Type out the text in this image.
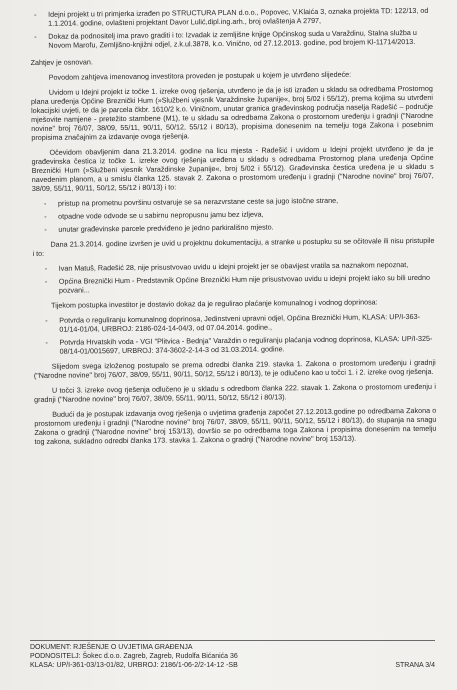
-	Idejni projekt u tri primjerka izrađen po STRUCTURA PLAN d.o.o., Popovec, V.Klaića 3, oznaka projekta TD: 122/13, od 1.1.2014. godine, ovlašteni projektant Davor Lulić,dipl.ing.arh., broj ovlaštenja A 2797,
-	Dokaz da podnositelj ima pravo graditi i to: Izvadak iz zemljišne knjige Općinskog suda u Varaždinu, Stalna služba u Novom Marofu, Zemljišno-knjižni odjel, z.k.ul.3878, k.o. Vinično, od 27.12.2013. godine, pod brojem Kl-11714/2013.

Zahtjev je osnovan.

Povodom zahtjeva imenovanog investitora proveden je postupak u kojem je utvrđeno slijedeće:

Uvidom u Idejni projekt iz točke 1. izreke ovog rješenja, utvrđeno je da je isti izrađen u skladu sa odredbama Prostornog plana uređenja Općine Breznički Hum (»Službeni vjesnik Varaždinske županije«, broj 5/02 i 55/12), prema kojima su utvrđeni lokacijski uvjeti, te da je parcela čkbr. 1610/2 k.o. Viničnom, unutar granica građevinskog područja naselja Radešić – područje mješovite namjene - pretežito stambene (M1), te u skladu sa odredbama Zakona o prostornom uređenju i gradnji ("Narodne novine" broj 76/07, 38/09, 55/11, 90/11, 50/12, 55/12 i 80/13), propisima donesenim na temelju toga Zakona i posebnim propisima značajnim za izdavanje ovoga rješenja.

Očevidom obavljenim dana 21.3.2014. godine na licu mjesta - Radešić i uvidom u Idejni projekt utvrđeno je da je građevinska čestica iz točke 1. izreke ovog rješenja uređena u skladu s odredbama Prostornog plana uređenja Općine Breznički Hum (»Službeni vjesnik Varaždinske županije«, broj 5/02 i 55/12). Građevinska čestica uređena je u skladu s navedenim planom, a u smislu članka 125. stavak 2. Zakona o prostornom uređenju i gradnji ("Narodne novine" broj 76/07, 38/09, 55/11, 90/11, 50/12, 55/12 i 80/13) i to:

-	pristup na prometnu površinu ostvaruje se sa nerazvrstane ceste sa jugo istočne strane,
-	otpadne vode odvode se u sabirnu nepropusnu jamu bez izljeva,
-	unutar građevinske parcele predviđeno je jedno parkirališno mjesto.

Dana 21.3.2014. godine izvršen je uvid u projektnu dokumentaciju, a stranke u postupku su se očitovale ili nisu pristupile i to:

-	Ivan Matuš, Radešić 28, nije prisustvovao uvidu u idejni projekt jer se obavijest vratila sa naznakom nepoznat,
-	Općina Breznički Hum - Predstavnik Općine Breznički Hum nije prisustvovao uvidu u idejni projekt iako su bili uredno pozvani...

Tijekom postupka investitor je dostavio dokaz da je regulirao plaćanje komunalnog i vodnog doprinosa:

-	Potvrda o reguliranju komunalnog doprinosa, Jedinstveni upravni odjel, Općina Breznički Hum, KLASA: UP/I-363-01/14-01/04, URBROJ: 2186-024-14-04/3, od 07.04.2014. godine.,
-	Potvrda Hrvatskih voda - VGI "Plitvica - Bednja" Varaždin o reguliranju plaćanja vodnog doprinosa, KLASA: UP/I-325-08/14-01/0015697, URBROJ: 374-3602-2-14-3 od 31.03.2014. godine.

Slijedom svega izloženog postupalo se prema odredbi članka 219. stavka 1. Zakona o prostornom uređenju i gradnji ("Narodne novine" broj 76/07, 38/09, 55/11, 90/11, 50/12, 55/12 i 80/13), te je odlučeno kao u točci 1. i 2. izreke ovog rješenja.

U točci 3. izreke ovog rješenja odlučeno je u skladu s odredbom članka 222. stavak 1. Zakona o prostornom uređenju i gradnji ("Narodne novine" broj 76/07, 38/09, 55/11, 90/11, 50/12, 55/12 i 80/13).

Budući da je postupak izdavanja ovog rješenja o uvjetima građenja započet 27.12.2013.godine po odredbama Zakona o prostornom uređenju i gradnji ("Narodne novine" broj 76/07, 38/09, 55/11, 90/11, 50/12, 55/12 i 80/13), do stupanja na snagu Zakona o gradnji ("Narodne novine" broj 153/13), dovršio se po odredbama toga Zakona i propisima donesenim na temelju tog zakona, sukladno odredbi članka 173. stavka 1. Zakona o gradnji ("Narodne novine" broj 153/13).

DOKUMENT: RJEŠENJE O UVJETIMA GRAĐENJA
PODNOSITELJ: Šokec d.o.o. Zagreb, Zagreb, Rudolfa Bićanića 36
KLASA: UP/I-361-03/13-01/82, URBROJ: 2186/1-06-2/2-14-12 -SB	STRANA 3/4
